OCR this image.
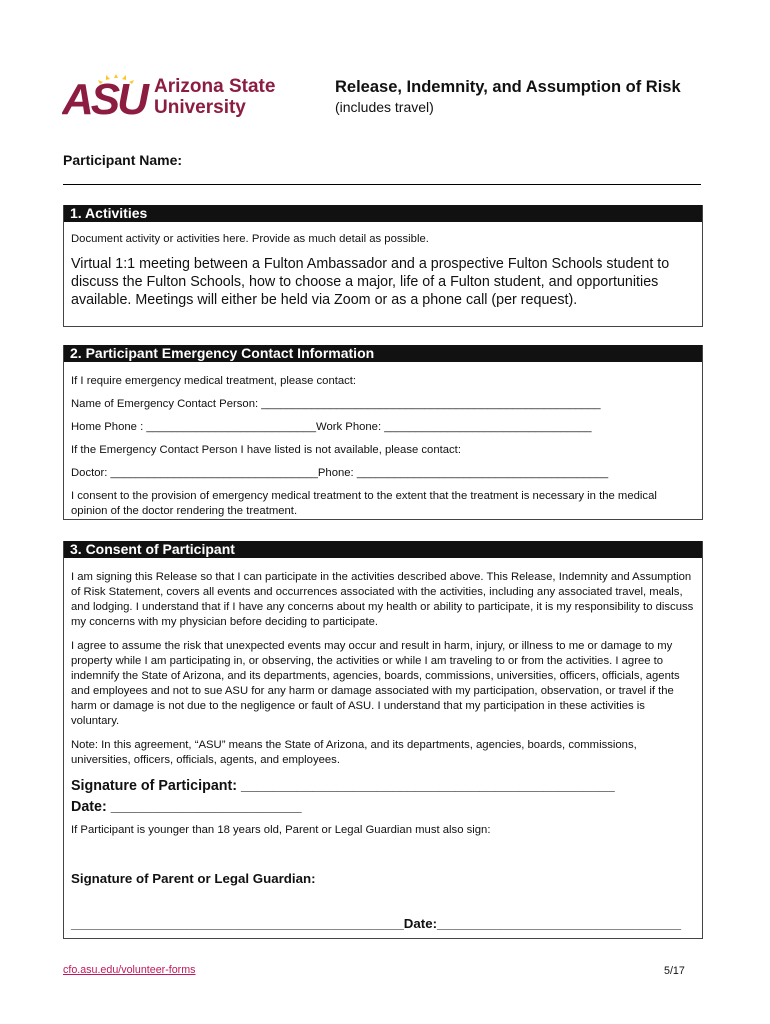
ASU Arizona State
University
Release, Indemnity, and Assumption of Risk
(includes travel)
Participant Name:
1. Activities

Document activity or activities here. Provide as much detail as possible.

Virtual 1:1 meeting between a Fulton Ambassador and a prospective Fulton Schools student to discuss the Fulton Schools, how to choose a major, life of a Fulton student, and opportunities available. Meetings will either be held via Zoom or as a phone call (per request).

2. Participant Emergency Contact Information

If I require emergency medical treatment, please contact:

Name of Emergency Contact Person: ______________________________________________________

Home Phone : ___________________________Work Phone: _________________________________

If the Emergency Contact Person I have listed is not available, please contact:

Doctor: _________________________________Phone: ________________________________________

I consent to the provision of emergency medical treatment to the extent that the treatment is necessary in the medical opinion of the doctor rendering the treatment.

3. Consent of Participant

I am signing this Release so that I can participate in the activities described above. This Release, Indemnity and Assumption of Risk Statement, covers all events and occurrences associated with the activities, including any associated travel, meals, and lodging. I understand that if I have any concerns about my health or ability to participate, it is my responsibility to discuss my concerns with my physician before deciding to participate.

I agree to assume the risk that unexpected events may occur and result in harm, injury, or illness to me or damage to my property while I am participating in, or observing, the activities or while I am traveling to or from the activities. I agree to indemnify the State of Arizona, and its departments, agencies, boards, commissions, universities, officers, officials, agents and employees and not to sue ASU for any harm or damage associated with my participation, observation, or travel if the harm or damage is not due to the negligence or fault of ASU. I understand that my participation in these activities is voluntary.

Note: In this agreement, “ASU” means the State of Arizona, and its departments, agencies, boards, commissions, universities, officers, officials, agents, and employees.

Signature of Participant: _______________________________________________

Date: ________________________

If Participant is younger than 18 years old, Parent or Legal Guardian must also sign:

Signature of Parent or Legal Guardian:

_____________________________________________Date:_________________________________

cfo.asu.edu/volunteer-forms	5/17
